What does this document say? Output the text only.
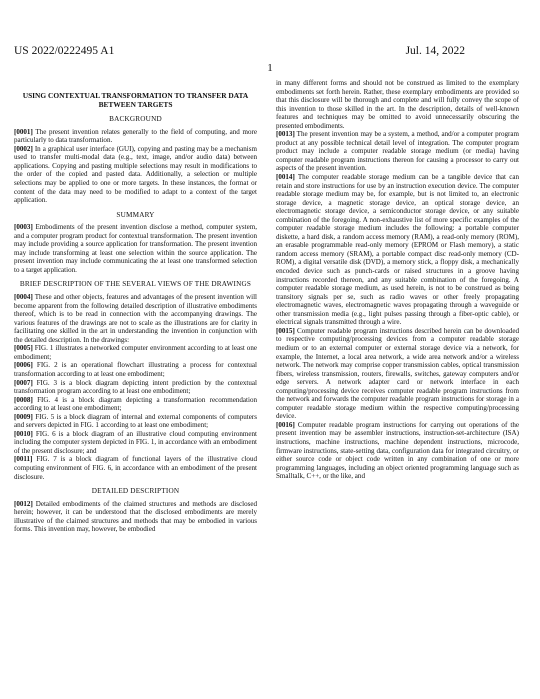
US 2022/0222495 A1	Jul. 14, 2022
1
USING CONTEXTUAL TRANSFORMATION TO TRANSFER DATA BETWEEN TARGETS
BACKGROUND

[0001] The present invention relates generally to the field of computing, and more particularly to data transformation.

[0002] In a graphical user interface (GUI), copying and pasting may be a mechanism used to transfer multi-modal data (e.g., text, image, and/or audio data) between applications. Copying and pasting multiple selections may result in modifications to the order of the copied and pasted data. Additionally, a selection or multiple selections may be applied to one or more targets. In these instances, the format or content of the data may need to be modified to adapt to a context of the target application.

SUMMARY

[0003] Embodiments of the present invention disclose a method, computer system, and a computer program product for contextual transformation. The present invention may include providing a source application for transformation. The present invention may include transforming at least one selection within the source application. The present invention may include communicating the at least one transformed selection to a target application.

BRIEF DESCRIPTION OF THE SEVERAL VIEWS OF THE DRAWINGS

[0004] These and other objects, features and advantages of the present invention will become apparent from the following detailed description of illustrative embodiments thereof, which is to be read in connection with the accompanying drawings. The various features of the drawings are not to scale as the illustrations are for clarity in facilitating one skilled in the art in understanding the invention in conjunction with the detailed description. In the drawings:

[0005] FIG. 1 illustrates a networked computer environment according to at least one embodiment;

[0006] FIG. 2 is an operational flowchart illustrating a process for contextual transformation according to at least one embodiment;

[0007] FIG. 3 is a block diagram depicting intent prediction by the contextual transformation program according to at least one embodiment;

[0008] FIG. 4 is a block diagram depicting a transformation recommendation according to at least one embodiment;

[0009] FIG. 5 is a block diagram of internal and external components of computers and servers depicted in FIG. 1 according to at least one embodiment;

[0010] FIG. 6 is a block diagram of an illustrative cloud computing environment including the computer system depicted in FIG. 1, in accordance with an embodiment of the present disclosure; and

[0011] FIG. 7 is a block diagram of functional layers of the illustrative cloud computing environment of FIG. 6, in accordance with an embodiment of the present disclosure.

DETAILED DESCRIPTION

[0012] Detailed embodiments of the claimed structures and methods are disclosed herein; however, it can be understood that the disclosed embodiments are merely illustrative of the claimed structures and methods that may be embodied in various forms. This invention may, however, be embodied

in many different forms and should not be construed as limited to the exemplary embodiments set forth herein. Rather, these exemplary embodiments are provided so that this disclosure will be thorough and complete and will fully convey the scope of this invention to those skilled in the art. In the description, details of well-known features and techniques may be omitted to avoid unnecessarily obscuring the presented embodiments.

[0013] The present invention may be a system, a method, and/or a computer program product at any possible technical detail level of integration. The computer program product may include a computer readable storage medium (or media) having computer readable program instructions thereon for causing a processor to carry out aspects of the present invention.

[0014] The computer readable storage medium can be a tangible device that can retain and store instructions for use by an instruction execution device. The computer readable storage medium may be, for example, but is not limited to, an electronic storage device, a magnetic storage device, an optical storage device, an electromagnetic storage device, a semiconductor storage device, or any suitable combination of the foregoing. A non-exhaustive list of more specific examples of the computer readable storage medium includes the following: a portable computer diskette, a hard disk, a random access memory (RAM), a read-only memory (ROM), an erasable programmable read-only memory (EPROM or Flash memory), a static random access memory (SRAM), a portable compact disc read-only memory (CD-ROM), a digital versatile disk (DVD), a memory stick, a floppy disk, a mechanically encoded device such as punch-cards or raised structures in a groove having instructions recorded thereon, and any suitable combination of the foregoing. A computer readable storage medium, as used herein, is not to be construed as being transitory signals per se, such as radio waves or other freely propagating electromagnetic waves, electromagnetic waves propagating through a waveguide or other transmission media (e.g., light pulses passing through a fiber-optic cable), or electrical signals transmitted through a wire.

[0015] Computer readable program instructions described herein can be downloaded to respective computing/processing devices from a computer readable storage medium or to an external computer or external storage device via a network, for example, the Internet, a local area network, a wide area network and/or a wireless network. The network may comprise copper transmission cables, optical transmission fibers, wireless transmission, routers, firewalls, switches, gateway computers and/or edge servers. A network adapter card or network interface in each computing/processing device receives computer readable program instructions from the network and forwards the computer readable program instructions for storage in a computer readable storage medium within the respective computing/processing device.

[0016] Computer readable program instructions for carrying out operations of the present invention may be assembler instructions, instruction-set-architecture (ISA) instructions, machine instructions, machine dependent instructions, microcode, firmware instructions, state-setting data, configuration data for integrated circuitry, or either source code or object code written in any combination of one or more programming languages, including an object oriented programming language such as Smalltalk, C++, or the like, and
